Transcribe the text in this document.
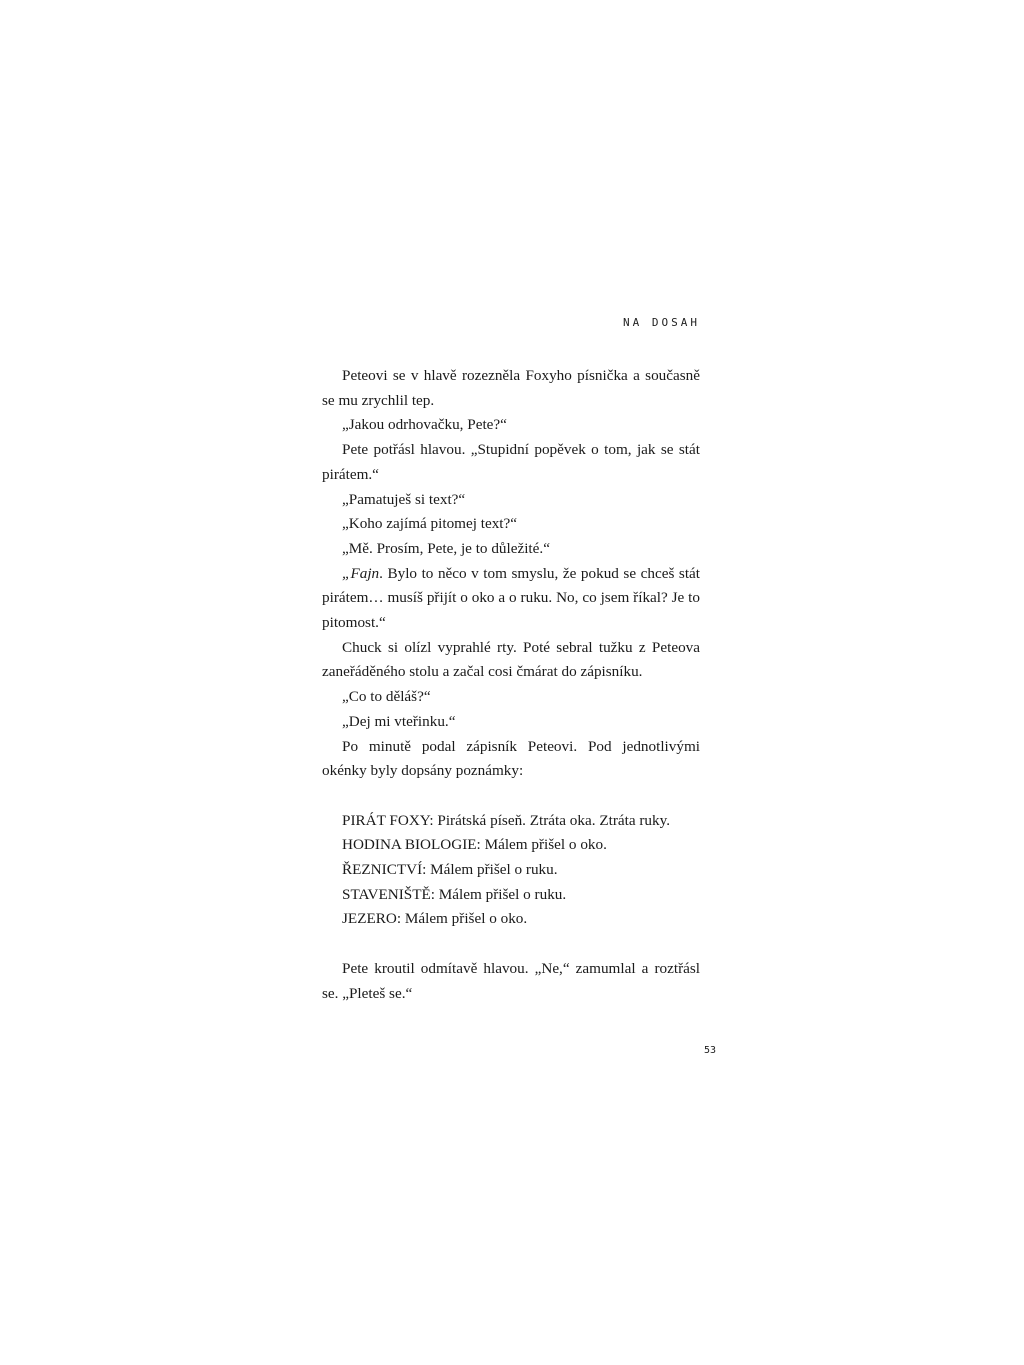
NA DOSAH

Peteovi se v hlavě rozezněla Foxyho písnička a současně se mu zrychlil tep.

„Jakou odrhovačku, Pete?“

Pete potřásl hlavou. „Stupidní popěvek o tom, jak se stát pirátem.“

„Pamatuješ si text?“

„Koho zajímá pitomej text?“

„Mě. Prosím, Pete, je to důležité.“

„Fajn. Bylo to něco v tom smyslu, že pokud se chceš stát pirátem… musíš přijít o oko a o ruku. No, co jsem říkal? Je to pitomost.“

Chuck si olízl vyprahlé rty. Poté sebral tužku z Peteova zaneřáděného stolu a začal cosi čmárat do zápisníku.

„Co to děláš?“

„Dej mi vteřinku.“

Po minutě podal zápisník Peteovi. Pod jednotlivými okénky byly dopsány poznámky:

PIRÁT FOXY: Pirátská píseň. Ztráta oka. Ztráta ruky.
HODINA BIOLOGIE: Málem přišel o oko.
ŘEZNICTVÍ: Málem přišel o ruku.
STAVENIŠTĚ: Málem přišel o ruku.
JEZERO: Málem přišel o oko.

Pete kroutil odmítavě hlavou. „Ne,“ zamumlal a roztřásl se. „Pleteš se.“

53
